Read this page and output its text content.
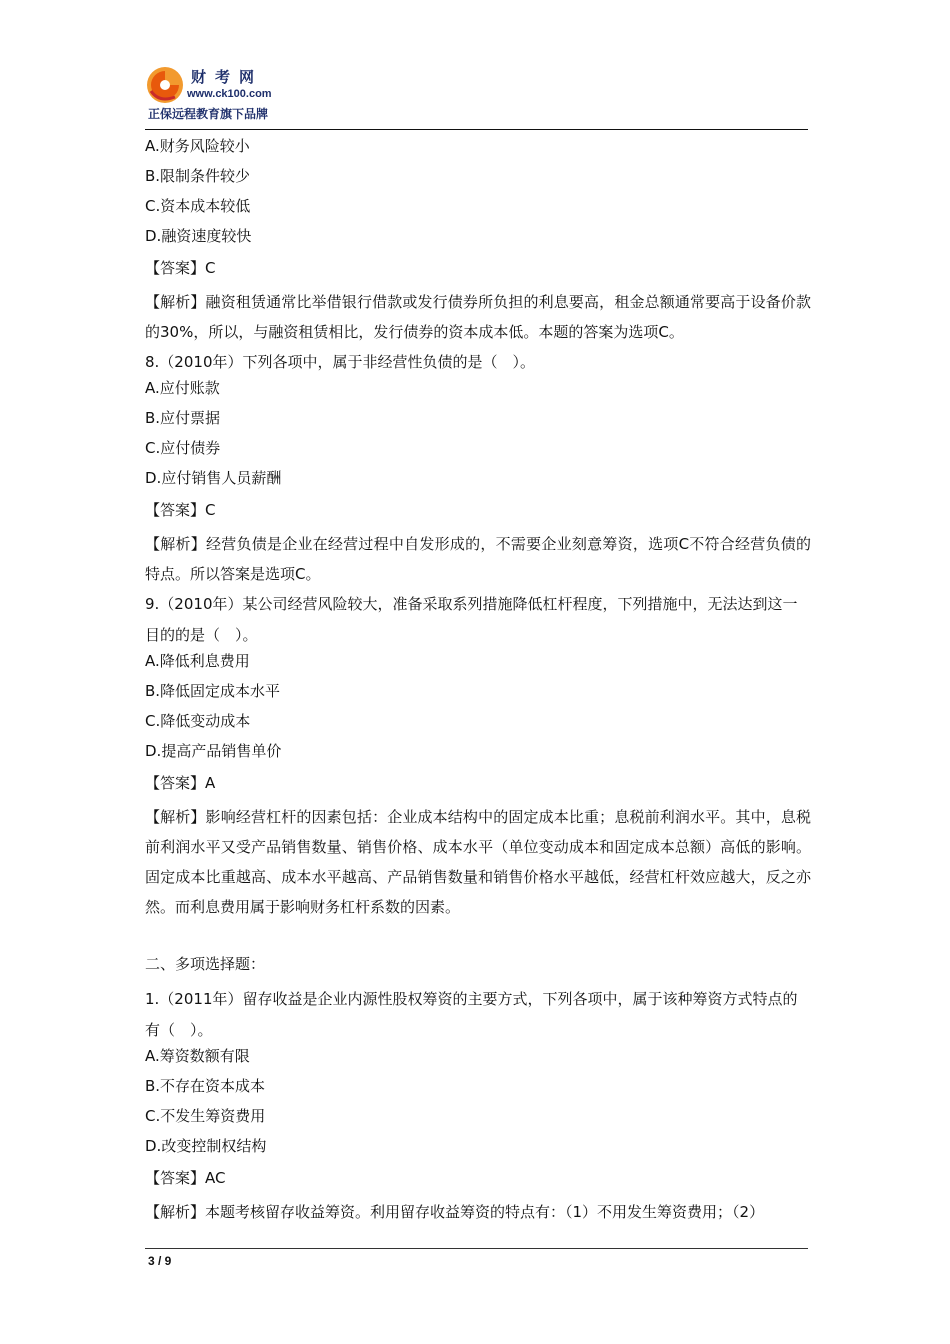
财考网
www.ck100.com
正保远程教育旗下品牌
A.财务风险较小
B.限制条件较少
C.资本成本较低
D.融资速度较快
【答案】C
【解析】融资租赁通常比举借银行借款或发行债券所负担的利息要高，租金总额通常要高于设备价款的30%，所以，与融资租赁相比，发行债券的资本成本低。本题的答案为选项C。
8.（2010年）下列各项中，属于非经营性负债的是（　）。
A.应付账款
B.应付票据
C.应付债券
D.应付销售人员薪酬
【答案】C
【解析】经营负债是企业在经营过程中自发形成的，不需要企业刻意筹资，选项C不符合经营负债的特点。所以答案是选项C。
9.（2010年）某公司经营风险较大，准备采取系列措施降低杠杆程度，下列措施中，无法达到这一目的的是（　）。
A.降低利息费用
B.降低固定成本水平
C.降低变动成本
D.提高产品销售单价
【答案】A
【解析】影响经营杠杆的因素包括：企业成本结构中的固定成本比重；息税前利润水平。其中，息税前利润水平又受产品销售数量、销售价格、成本水平（单位变动成本和固定成本总额）高低的影响。固定成本比重越高、成本水平越高、产品销售数量和销售价格水平越低，经营杠杆效应越大，反之亦然。而利息费用属于影响财务杠杆系数的因素。
二、多项选择题：
1.（2011年）留存收益是企业内源性股权筹资的主要方式，下列各项中，属于该种筹资方式特点的有（　）。
A.筹资数额有限
B.不存在资本成本
C.不发生筹资费用
D.改变控制权结构
【答案】AC
【解析】本题考核留存收益筹资。利用留存收益筹资的特点有：（1）不用发生筹资费用；（2）
3 / 9
